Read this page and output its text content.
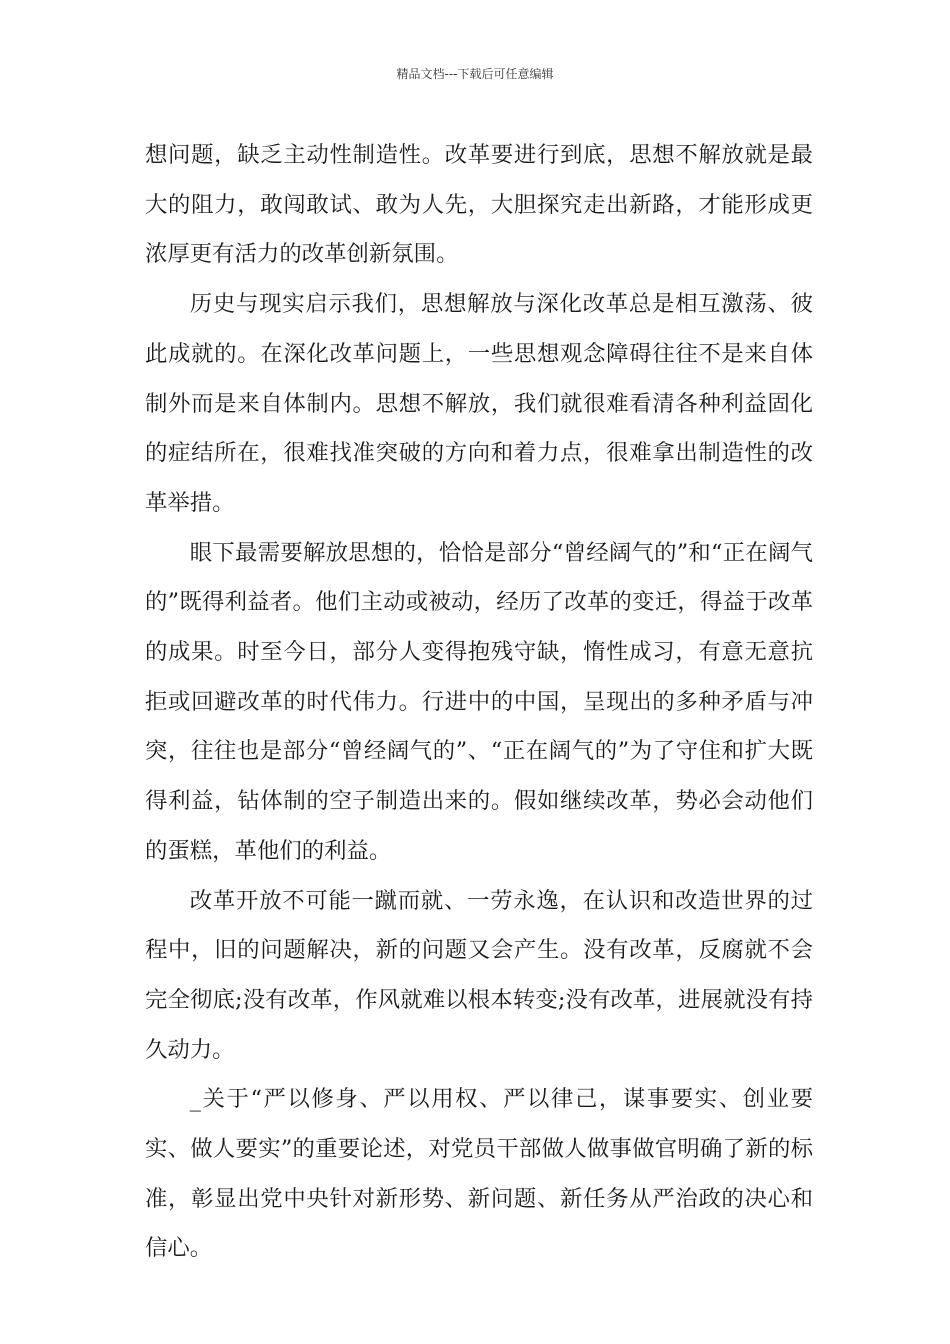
精品文档---下载后可任意编辑

想问题，缺乏主动性制造性。改革要进行到底，思想不解放就是最大的阻力，敢闯敢试、敢为人先，大胆探究走出新路，才能形成更浓厚更有活力的改革创新氛围。

历史与现实启示我们，思想解放与深化改革总是相互激荡、彼此成就的。在深化改革问题上，一些思想观念障碍往往不是来自体制外而是来自体制内。思想不解放，我们就很难看清各种利益固化的症结所在，很难找准突破的方向和着力点，很难拿出制造性的改革举措。

眼下最需要解放思想的，恰恰是部分“曾经阔气的”和“正在阔气的”既得利益者。他们主动或被动，经历了改革的变迁，得益于改革的成果。时至今日，部分人变得抱残守缺，惰性成习，有意无意抗拒或回避改革的时代伟力。行进中的中国，呈现出的多种矛盾与冲突，往往也是部分“曾经阔气的”、“正在阔气的”为了守住和扩大既得利益，钻体制的空子制造出来的。假如继续改革，势必会动他们的蛋糕，革他们的利益。

改革开放不可能一蹴而就、一劳永逸，在认识和改造世界的过程中，旧的问题解决，新的问题又会产生。没有改革，反腐就不会完全彻底;没有改革，作风就难以根本转变;没有改革，进展就没有持久动力。

_关于“严以修身、严以用权、严以律己，谋事要实、创业要实、做人要实”的重要论述，对党员干部做人做事做官明确了新的标准，彰显出党中央针对新形势、新问题、新任务从严治政的决心和信心。
